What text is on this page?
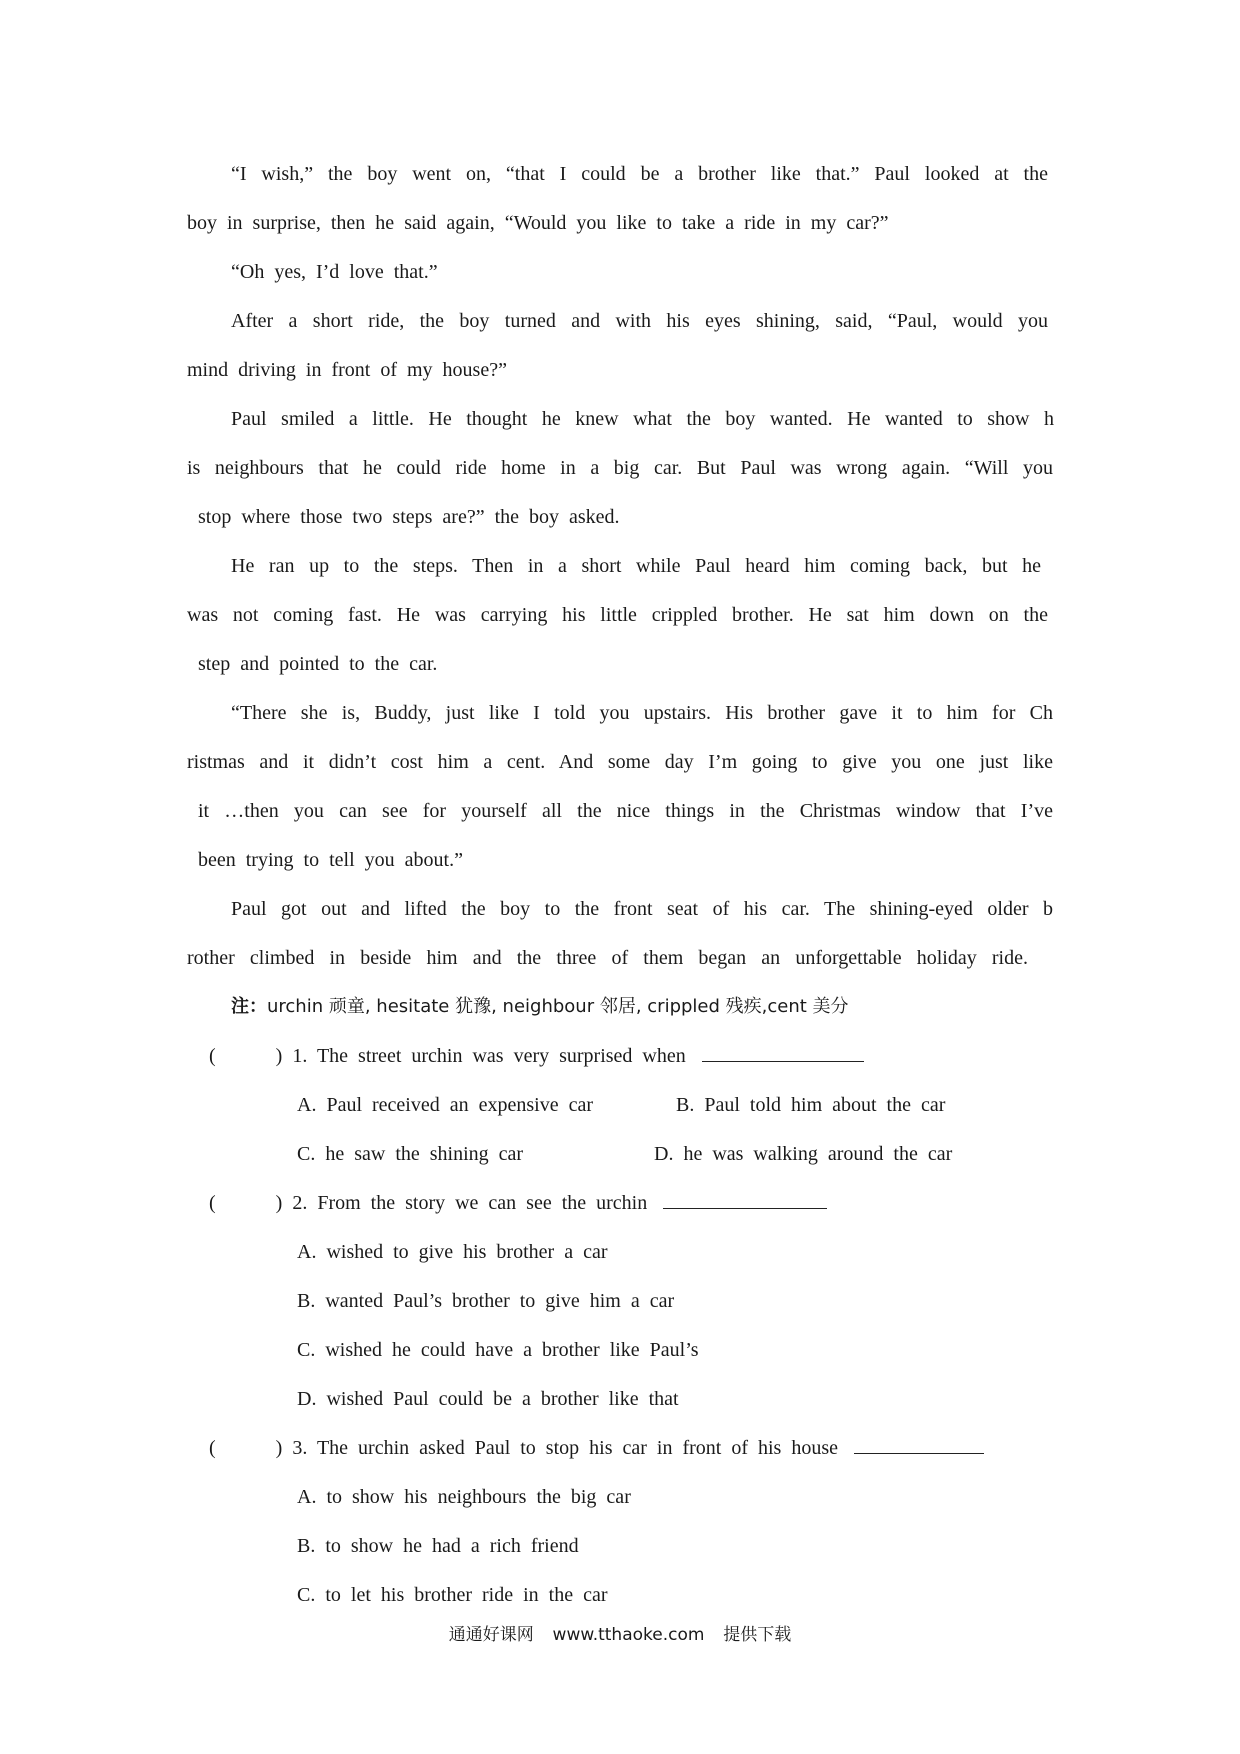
“I wish,” the boy went on, “that I could be a brother like that.” Paul looked at the
boy in surprise, then he said again, “Would you like to take a ride in my car?”
“Oh yes, I’d love that.”
After a short ride, the boy turned and with his eyes shining, said, “Paul, would you
mind driving in front of my house?”
Paul smiled a little. He thought he knew what the boy wanted. He wanted to show h
is neighbours that he could ride home in a big car. But Paul was wrong again. “Will you
stop where those two steps are?” the boy asked.
He ran up to the steps. Then in a short while Paul heard him coming back, but he
was not coming fast. He was carrying his little crippled brother. He sat him down on the
step and pointed to the car.
“There she is, Buddy, just like I told you upstairs. His brother gave it to him for Ch
ristmas and it didn’t cost him a cent. And some day I’m going to give you one just like
it …then you can see for yourself all the nice things in the Christmas window that I’ve
been trying to tell you about.”
Paul got out and lifted the boy to the front seat of his car. The shining-eyed older b
rother climbed in beside him and the three of them began an unforgettable holiday ride.
注：urchin 顽童, hesitate 犹豫, neighbour 邻居, crippled 残疾,cent 美分
(      ) 1. The street urchin was very surprised when
A. Paul received an expensive car	B. Paul told him about the car
C. he saw the shining car	D. he was walking around the car
(      ) 2. From the story we can see the urchin
A. wished to give his brother a car
B. wanted Paul’s brother to give him a car
C. wished he could have a brother like Paul’s
D. wished Paul could be a brother like that
(      ) 3. The urchin asked Paul to stop his car in front of his house
A. to show his neighbours the big car
B. to show he had a rich friend
C. to let his brother ride in the car
通通好课网  www.tthaoke.com  提供下载
